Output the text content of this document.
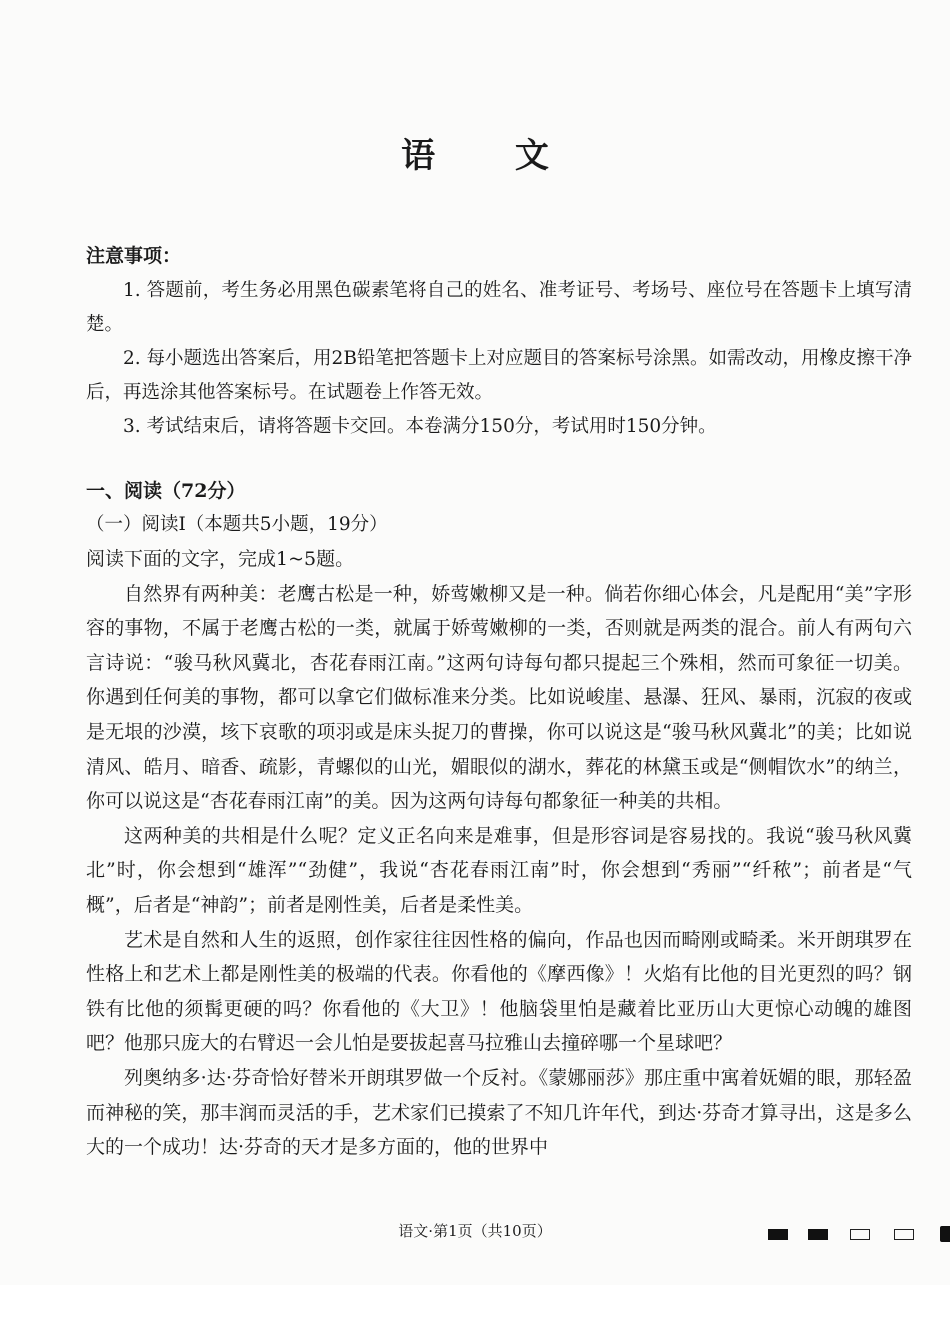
语 文
注意事项：

1. 答题前，考生务必用黑色碳素笔将自己的姓名、准考证号、考场号、座位号在答题卡上填写清楚。

2. 每小题选出答案后，用2B铅笔把答题卡上对应题目的答案标号涂黑。如需改动，用橡皮擦干净后，再选涂其他答案标号。在试题卷上作答无效。

3. 考试结束后，请将答题卡交回。本卷满分150分，考试用时150分钟。

一、阅读（72分）
（一）阅读Ⅰ（本题共5小题，19分）

阅读下面的文字，完成1~5题。

自然界有两种美：老鹰古松是一种，娇莺嫩柳又是一种。倘若你细心体会，凡是配用“美”字形容的事物，不属于老鹰古松的一类，就属于娇莺嫩柳的一类，否则就是两类的混合。前人有两句六言诗说：“骏马秋风冀北，杏花春雨江南。”这两句诗每句都只提起三个殊相，然而可象征一切美。你遇到任何美的事物，都可以拿它们做标准来分类。比如说峻崖、悬瀑、狂风、暴雨，沉寂的夜或是无垠的沙漠，垓下哀歌的项羽或是床头捉刀的曹操，你可以说这是“骏马秋风冀北”的美；比如说清风、皓月、暗香、疏影，青螺似的山光，媚眼似的湖水，葬花的林黛玉或是“侧帽饮水”的纳兰，你可以说这是“杏花春雨江南”的美。因为这两句诗每句都象征一种美的共相。

这两种美的共相是什么呢？定义正名向来是难事，但是形容词是容易找的。我说“骏马秋风冀北”时，你会想到“雄浑”“劲健”，我说“杏花春雨江南”时，你会想到“秀丽”“纤秾”；前者是“气概”，后者是“神韵”；前者是刚性美，后者是柔性美。

艺术是自然和人生的返照，创作家往往因性格的偏向，作品也因而畸刚或畸柔。米开朗琪罗在性格上和艺术上都是刚性美的极端的代表。你看他的《摩西像》！火焰有比他的目光更烈的吗？钢铁有比他的须髯更硬的吗？你看他的《大卫》！他脑袋里怕是藏着比亚历山大更惊心动魄的雄图吧？他那只庞大的右臂迟一会儿怕是要拔起喜马拉雅山去撞碎哪一个星球吧？

列奥纳多·达·芬奇恰好替米开朗琪罗做一个反衬。《蒙娜丽莎》那庄重中寓着妩媚的眼，那轻盈而神秘的笑，那丰润而灵活的手，艺术家们已摸索了不知几许年代，到达·芬奇才算寻出，这是多么大的一个成功！达·芬奇的天才是多方面的，他的世界中

语文·第1页（共10页）
